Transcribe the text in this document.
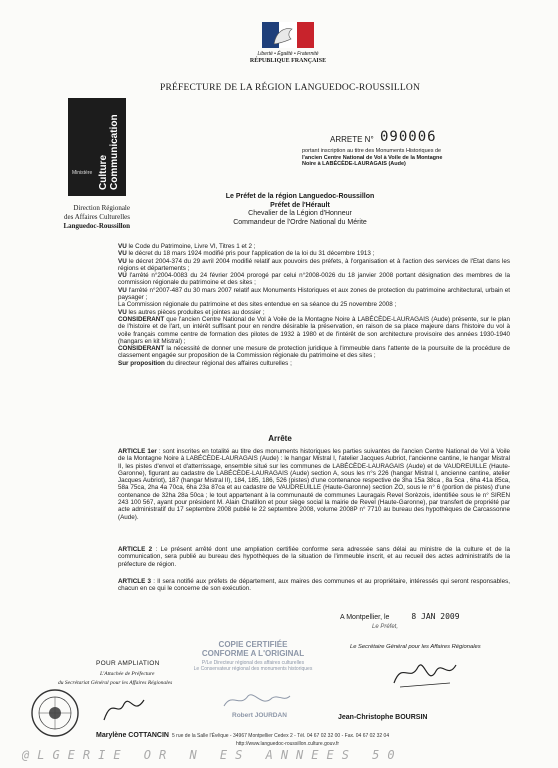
Liberté • Égalité • Fraternité
RÉPUBLIQUE FRANÇAISE
PRÉFECTURE DE LA RÉGION LANGUEDOC-ROUSSILLON
Culture Communication
Ministère
Direction Régionale
des Affaires Culturelles
Languedoc-Roussillon
ARRETE N° 090006
portant inscription au titre des Monuments Historiques de
l'ancien Centre National de Vol à Voile de la Montagne
Noire à LABÉCÈDE-LAURAGAIS (Aude)
Le Préfet de la région Languedoc-Roussillon
Préfet de l'Hérault
Chevalier de la Légion d'Honneur
Commandeur de l'Ordre National du Mérite
VU le Code du Patrimoine, Livre VI, Titres 1 et 2 ;
VU le décret du 18 mars 1924 modifié pris pour l'application de la loi du 31 décembre 1913 ;
VU le décret 2004-374 du 29 avril 2004 modifié relatif aux pouvoirs des préfets, à l'organisation et à l'action des services de l'Etat dans les régions et départements ;
VU l'arrêté n°2004-0083 du 24 février 2004 prorogé par celui n°2008-0026 du 18 janvier 2008 portant désignation des membres de la commission régionale du patrimoine et des sites ;
VU l'arrêté n°2007-487 du 30 mars 2007 relatif aux Monuments Historiques et aux zones de protection du patrimoine architectural, urbain et paysager ;
La Commission régionale du patrimoine et des sites entendue en sa séance du 25 novembre 2008 ;
VU les autres pièces produites et jointes au dossier ;
CONSIDERANT que l'ancien Centre National de Vol à Voile de la Montagne Noire à LABÉCÈDE-LAURAGAIS (Aude) présente, sur le plan de l'histoire et de l'art, un intérêt suffisant pour en rendre désirable la préservation, en raison de sa place majeure dans l'histoire du vol à voile français comme centre de formation des pilotes de 1932 à 1980 et de l'intérêt de son architecture provisoire des années 1930-1940 (hangars en kit Mistral) ;
CONSIDERANT la nécessité de donner une mesure de protection juridique à l'immeuble dans l'attente de la poursuite de la procédure de classement engagée sur proposition de la Commission régionale du patrimoine et des sites ;
Sur proposition du directeur régional des affaires culturelles ;
Arrête
ARTICLE 1er : sont inscrites en totalité au titre des monuments historiques les parties suivantes de l'ancien Centre National de Vol à Voile de la Montagne Noire à LABÉCÈDE-LAURAGAIS (Aude) : le hangar Mistral I, l'atelier Jacques Aubriot, l'ancienne cantine, le hangar Mistral II, les pistes d'envol et d'atterrissage, ensemble situé sur les communes de LABÉCÈDE-LAURAGAIS (Aude) et de VAUDREUILLE (Haute-Garonne), figurant au cadastre de LABÉCÈDE-LAURAGAIS (Aude) section A, sous les n°s 226 (hangar Mistral I, ancienne cantine, atelier Jacques Aubriot), 187 (hangar Mistral II), 184, 185, 186, 526 (pistes) d'une contenance respective de 3ha 15a 38ca , 8a 5ca , 6ha 41a 85ca, 58a 75ca, 2ha 4a 70ca, 6ha 23a 87ca et au cadastre de VAUDREUILLE (Haute-Garonne) section ZO, sous le n° 6 (portion de pistes) d'une contenance de 32ha 28a 50ca ; le tout appartenant à la communauté de communes Lauragais Revel Sorèzois, identifiée sous le n° SIREN 243 100 567, ayant pour président M. Alain Chatillon et pour siège social la mairie de Revel (Haute-Garonne), par transfert de propriété par acte administratif du 17 septembre 2008 publié le 22 septembre 2008, volume 2008P n° 7710 au bureau des hypothèques de Carcassonne (Aude).
ARTICLE 2 : Le présent arrêté dont une ampliation certifiée conforme sera adressée sans délai au ministre de la culture et de la communication, sera publié au bureau des hypothèques de la situation de l'immeuble inscrit, et au recueil des actes administratifs de la préfecture de région.
ARTICLE 3 : Il sera notifié aux préfets de département, aux maires des communes et au propriétaire, intéressés qui seront responsables, chacun en ce qui le concerne de son exécution.
A Montpellier, le	8 JAN 2009
Le Préfet,
Le Secrétaire Général pour les Affaires Régionales
Jean-Christophe BOURSIN
COPIE CERTIFIÉE
CONFORME A L'ORIGINAL
P/Le Directeur régional des affaires culturelles
Le Conservateur régional des monuments historiques
Robert JOURDAN
POUR AMPLIATION
L'Attachée de Préfecture
du Secrétariat Général pour les Affaires Régionales
Marylène COTTANCIN 5 rue de la Salle l'Évêque - 34967 Montpellier Cedex 2 - Tél. 04 67 02 32 00 - Fax. 04 67 02 32 04
http://www.languedoc-roussillon.culture.gouv.fr
@LGERIE OR N ES ANNEES 50
